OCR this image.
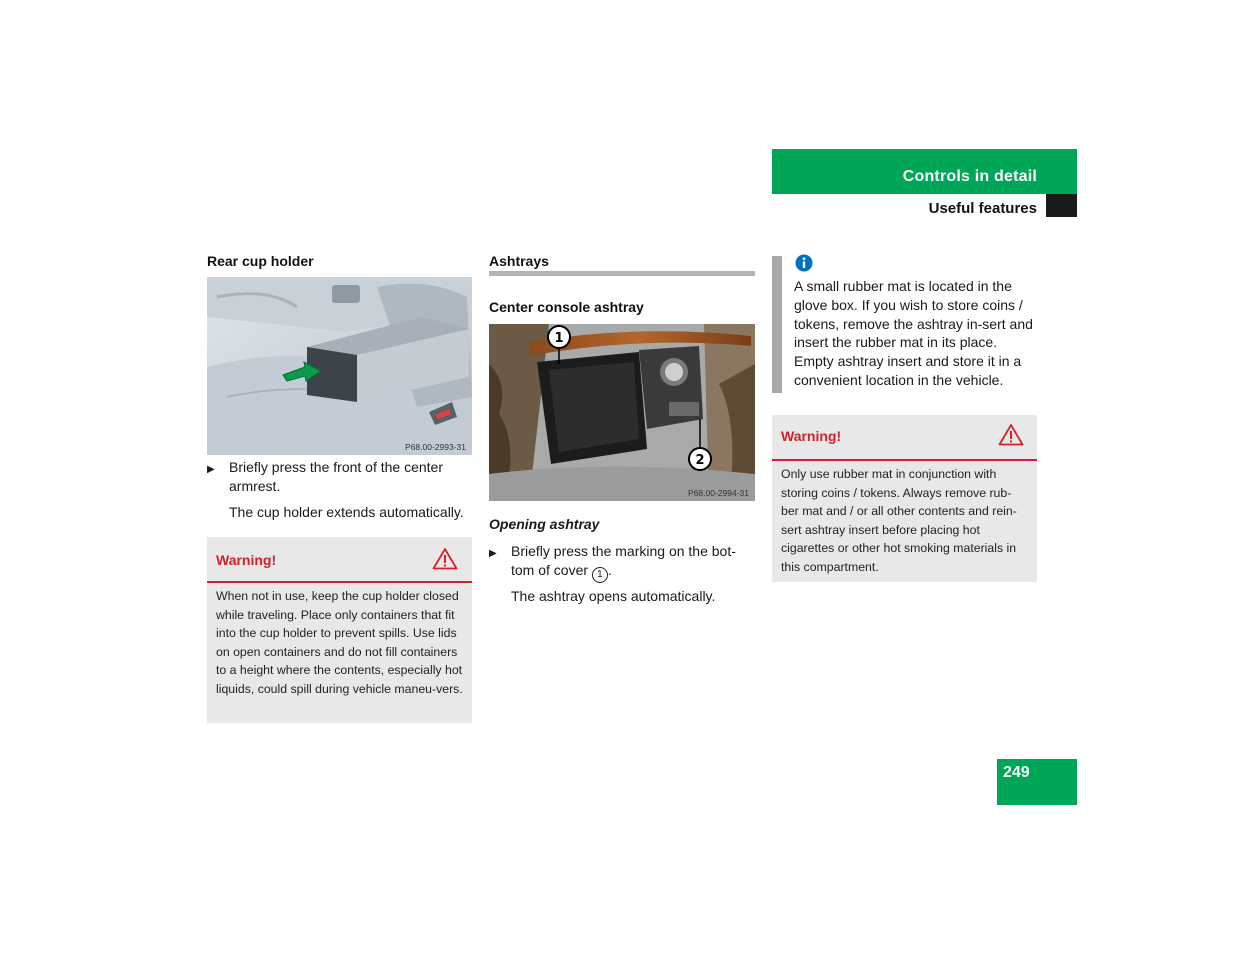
Controls in detail
Useful features
Rear cup holder
P68.00-2993-31
▶ Briefly press the front of the center armrest.
The cup holder extends automatically.
Warning!
When not in use, keep the cup holder closed while traveling. Place only containers that fit into the cup holder to prevent spills. Use lids on open containers and do not fill containers to a height where the contents, especially hot liquids, could spill during vehicle maneu-vers.
Ashtrays
Center console ashtray
1
2
P68.00-2994-31
Opening ashtray
▶ Briefly press the marking on the bot-tom of cover 1 .
The ashtray opens automatically.
A small rubber mat is located in the glove box. If you wish to store coins / tokens, remove the ashtray in-sert and insert the rubber mat in its place. Empty ashtray insert and store it in a convenient location in the vehicle.
Warning!
Only use rubber mat in conjunction with storing coins / tokens. Always remove rub-ber mat and / or all other contents and rein-sert ashtray insert before placing hot cigarettes or other hot smoking materials in this compartment.
249
